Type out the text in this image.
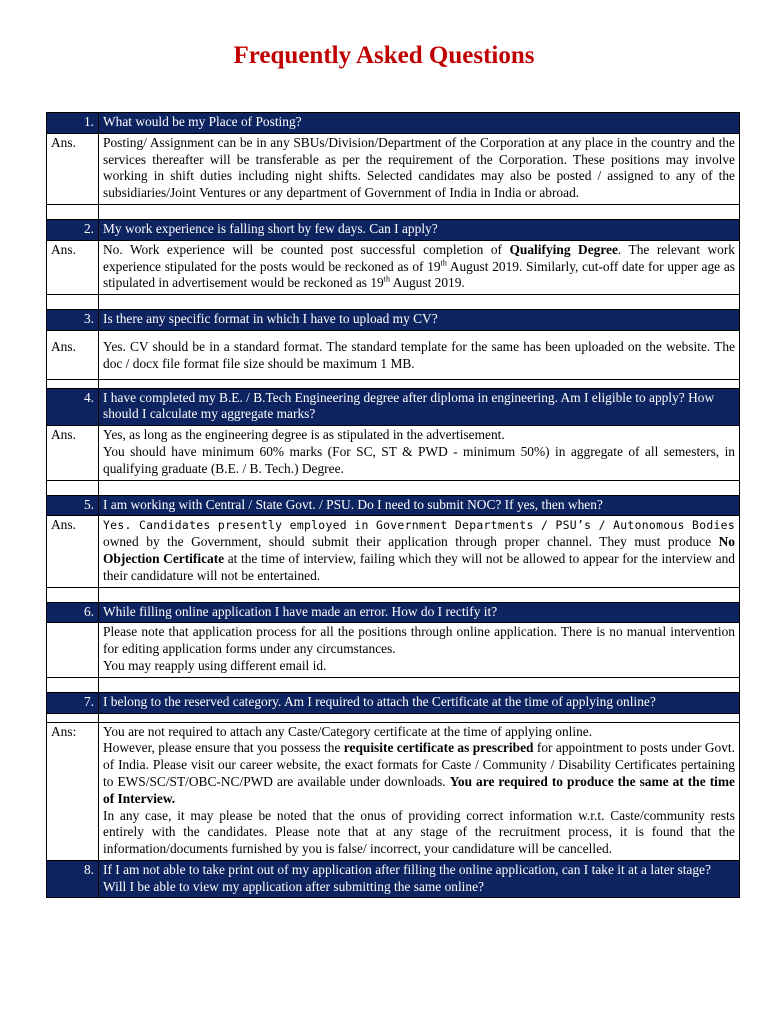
Frequently Asked Questions
1.	What would be my Place of Posting?
Ans.	Posting/ Assignment can be in any SBUs/Division/Department of the Corporation at any place in the country and the services thereafter will be transferable as per the requirement of the Corporation. These positions may involve working in shift duties including night shifts. Selected candidates may also be posted / assigned to any of the subsidiaries/Joint Ventures or any department of Government of India in India or abroad.

2.	My work experience is falling short by few days. Can I apply?
Ans.	No. Work experience will be counted post successful completion of Qualifying Degree. The relevant work experience stipulated for the posts would be reckoned as of 19th August 2019. Similarly, cut-off date for upper age as stipulated in advertisement would be reckoned as 19th August 2019.

3.	Is there any specific format in which I have to upload my CV?
Ans.	Yes. CV should be in a standard format. The standard template for the same has been uploaded on the website. The doc / docx file format file size should be maximum 1 MB.

4.	I have completed my B.E. / B.Tech Engineering degree after diploma in engineering. Am I eligible to apply? How should I calculate my aggregate marks?
Ans.	Yes, as long as the engineering degree is as stipulated in the advertisement.
You should have minimum 60% marks (For SC, ST & PWD - minimum 50%) in aggregate of all semesters, in qualifying graduate (B.E. / B. Tech.) Degree.

5.	I am working with Central / State Govt. / PSU. Do I need to submit NOC? If yes, then when?
Ans.	Yes. Candidates presently employed in Government Departments / PSU’s / Autonomous Bodies owned by the Government, should submit their application through proper channel. They must produce No Objection Certificate at the time of interview, failing which they will not be allowed to appear for the interview and their candidature will not be entertained.

6.	While filling online application I have made an error. How do I rectify it?

	Please note that application process for all the positions through online application. There is no manual intervention for editing application forms under any circumstances.
You may reapply using different email id.

7.	I belong to the reserved category. Am I required to attach the Certificate at the time of applying online?

Ans:	You are not required to attach any Caste/Category certificate at the time of applying online.
However, please ensure that you possess the requisite certificate as prescribed for appointment to posts under Govt. of India. Please visit our career website, the exact formats for Caste / Community / Disability Certificates pertaining to EWS/SC/ST/OBC-NC/PWD are available under downloads. You are required to produce the same at the time of Interview.
In any case, it may please be noted that the onus of providing correct information w.r.t. Caste/community rests entirely with the candidates. Please note that at any stage of the recruitment process, it is found that the information/documents furnished by you is false/ incorrect, your candidature will be cancelled.

8.	If I am not able to take print out of my application after filling the online application, can I take it at a later stage? Will I be able to view my application after submitting the same online?
